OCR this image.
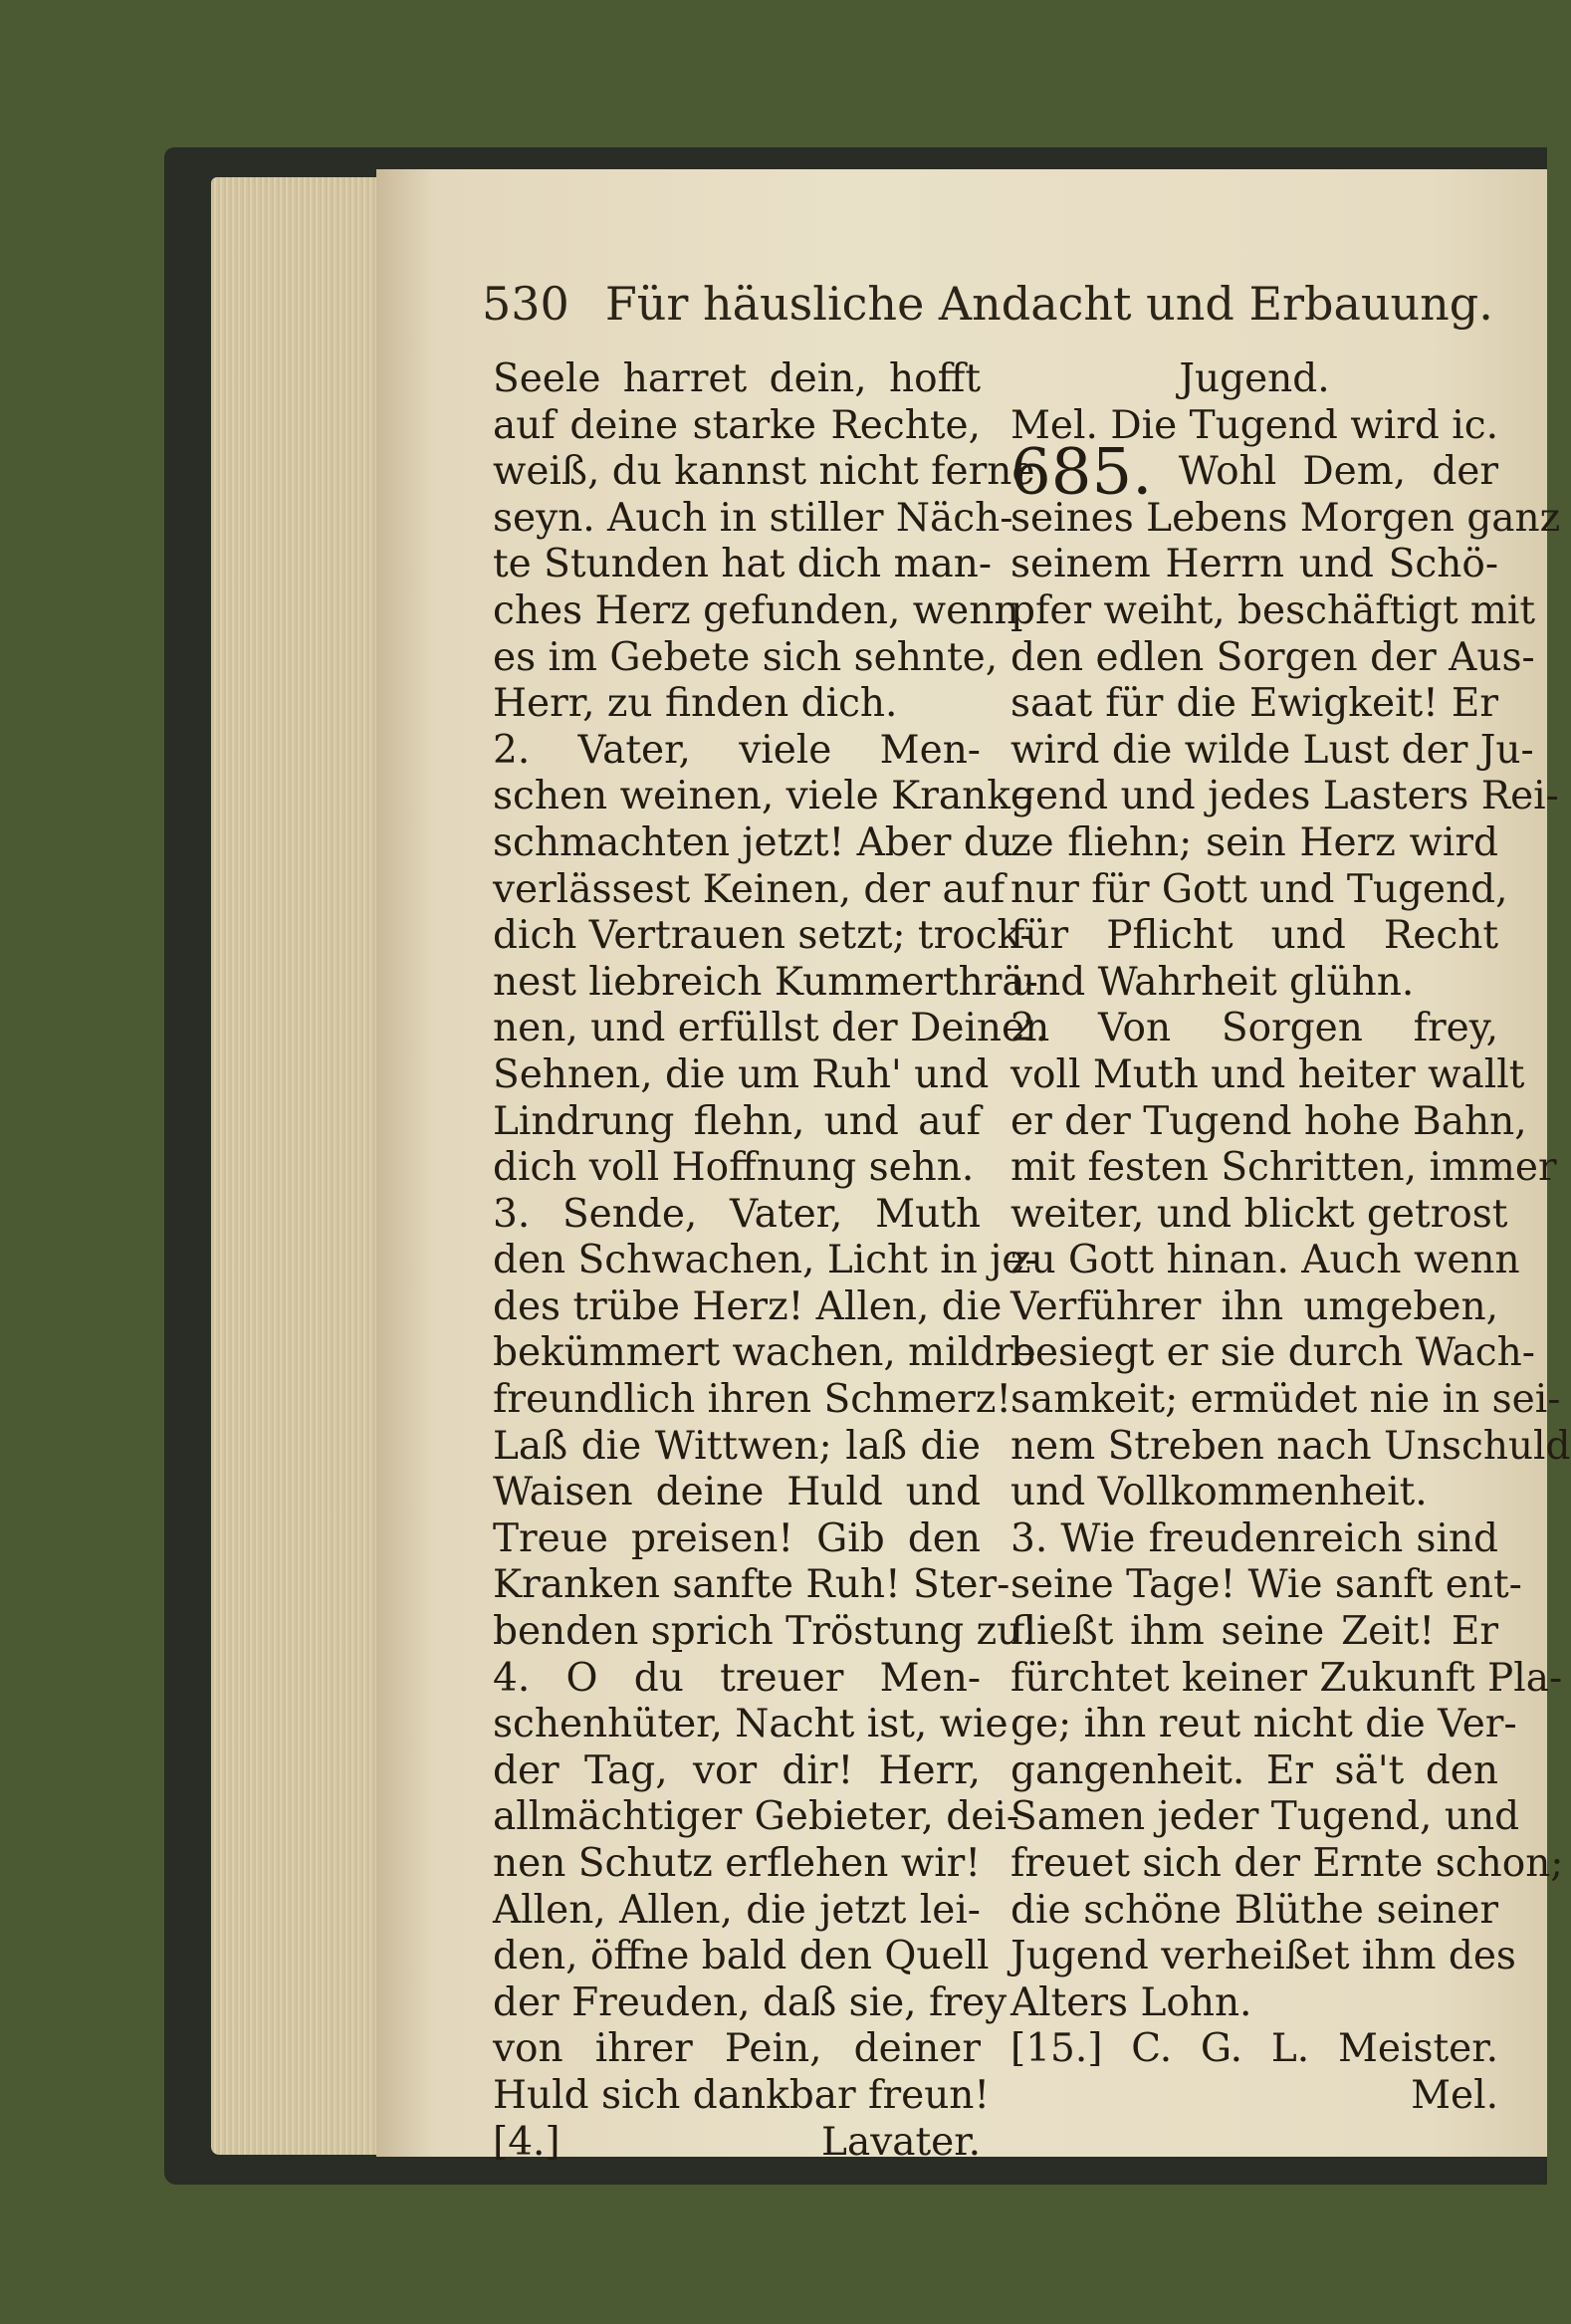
530 Für häusliche Andacht und Erbauung.
Seele harret dein, hofft
auf deine starke Rechte,
weiß, du kannst nicht ferne
seyn. Auch in stiller Näch-
te Stunden hat dich man-
ches Herz gefunden, wenn
es im Gebete sich sehnte,
Herr, zu finden dich.
2. Vater, viele Men-
schen weinen, viele Kranke
schmachten jetzt! Aber du
verlässest Keinen, der auf
dich Vertrauen setzt; trock-
nest liebreich Kummerthrä-
nen, und erfüllst der Deinen
Sehnen, die um Ruh' und
Lindrung flehn, und auf
dich voll Hoffnung sehn.
3. Sende, Vater, Muth
den Schwachen, Licht in je-
des trübe Herz! Allen, die
bekümmert wachen, mildre
freundlich ihren Schmerz!
Laß die Wittwen; laß die
Waisen deine Huld und
Treue preisen! Gib den
Kranken sanfte Ruh! Ster-
benden sprich Tröstung zu!
4. O du treuer Men-
schenhüter, Nacht ist, wie
der Tag, vor dir! Herr,
allmächtiger Gebieter, dei-
nen Schutz erflehen wir!
Allen, Allen, die jetzt lei-
den, öffne bald den Quell
der Freuden, daß sie, frey
von ihrer Pein, deiner
Huld sich dankbar freun!
[4.] Lavater.
Jugend.
Mel. Die Tugend wird ic.
685. Wohl Dem, der
seines Lebens Morgen ganz
seinem Herrn und Schö-
pfer weiht, beschäftigt mit
den edlen Sorgen der Aus-
saat für die Ewigkeit! Er
wird die wilde Lust der Ju-
gend und jedes Lasters Rei-
ze fliehn; sein Herz wird
nur für Gott und Tugend,
für Pflicht und Recht
und Wahrheit glühn.
2. Von Sorgen frey,
voll Muth und heiter wallt
er der Tugend hohe Bahn,
mit festen Schritten, immer
weiter, und blickt getrost
zu Gott hinan. Auch wenn
Verführer ihn umgeben,
besiegt er sie durch Wach-
samkeit; ermüdet nie in sei-
nem Streben nach Unschuld
und Vollkommenheit.
3. Wie freudenreich sind
seine Tage! Wie sanft ent-
fließt ihm seine Zeit! Er
fürchtet keiner Zukunft Pla-
ge; ihn reut nicht die Ver-
gangenheit. Er sä't den
Samen jeder Tugend, und
freuet sich der Ernte schon;
die schöne Blüthe seiner
Jugend verheißet ihm des
Alters Lohn.
[15.] C. G. L. Meister.
Mel.
